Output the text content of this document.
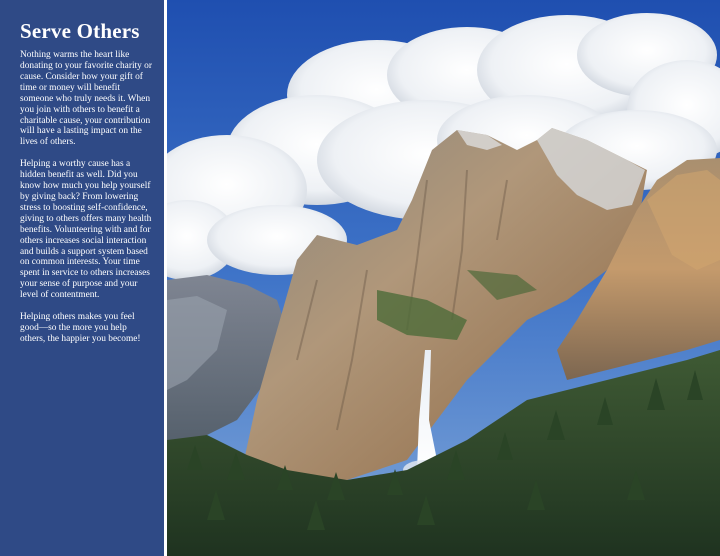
Serve Others

Nothing warms the heart like donating to your favorite charity or cause. Consider how your gift of time or money will benefit someone who truly needs it. When you join with others to benefit a charitable cause, your contribution will have a lasting impact on the lives of others.

Helping a worthy cause has a hidden benefit as well. Did you know how much you help yourself by giving back? From lowering stress to boosting self-confidence, giving to others offers many health benefits. Volunteering with and for others increases social interaction and builds a support system based on common interests. Your time spent in service to others increases your sense of purpose and your level of contentment.

Helping others makes you feel good—so the more you help others, the happier you become!
